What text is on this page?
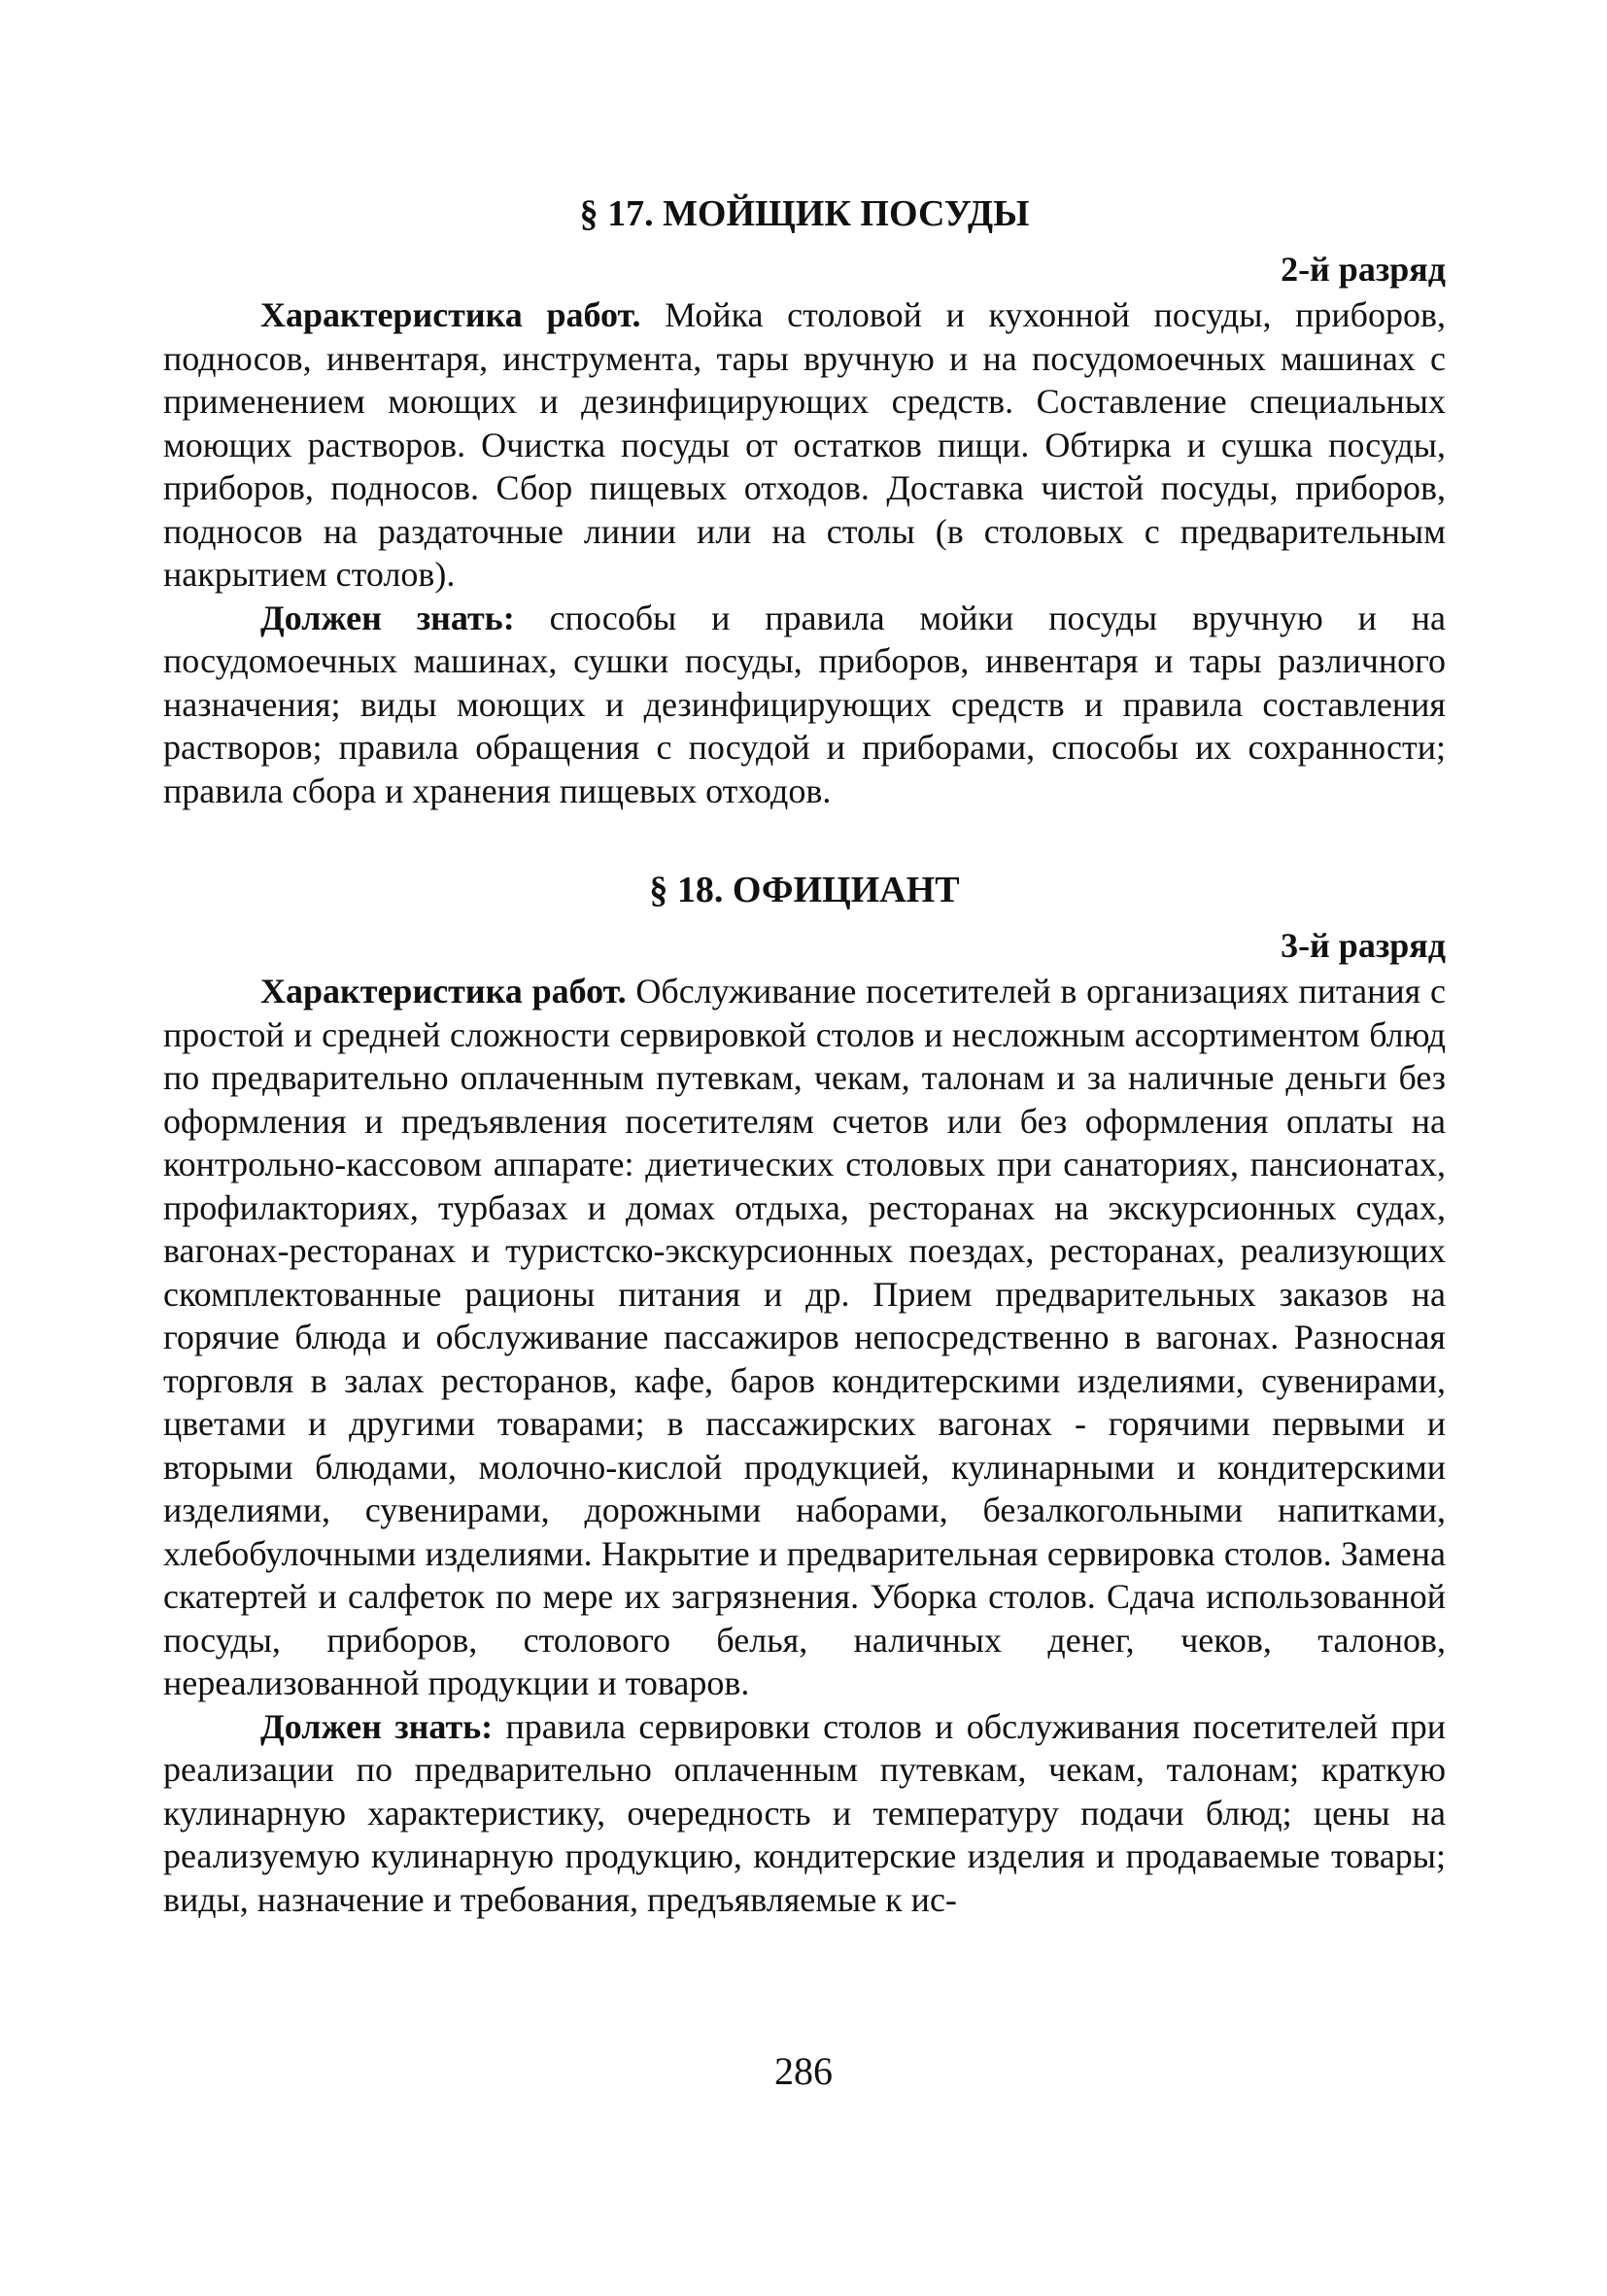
§ 17. МОЙЩИК ПОСУДЫ
2-й разряд

Характеристика работ. Мойка столовой и кухонной посуды, приборов, подносов, инвентаря, инструмента, тары вручную и на посудомоечных машинах с применением моющих и дезинфицирующих средств. Составление специальных моющих растворов. Очистка посуды от остатков пищи. Обтирка и сушка посуды, приборов, подносов. Сбор пищевых отходов. Доставка чистой посуды, приборов, подносов на раздаточные линии или на столы (в столовых с предварительным накрытием столов).

Должен знать: способы и правила мойки посуды вручную и на посудомоечных машинах, сушки посуды, приборов, инвентаря и тары различного назначения; виды моющих и дезинфицирующих средств и правила составления растворов; правила обращения с посудой и приборами, способы их сохранности; правила сбора и хранения пищевых отходов.

§ 18. ОФИЦИАНТ
3-й разряд

Характеристика работ. Обслуживание посетителей в организациях питания с простой и средней сложности сервировкой столов и несложным ассортиментом блюд по предварительно оплаченным путевкам, чекам, талонам и за наличные деньги без оформления и предъявления посетителям счетов или без оформления оплаты на контрольно-кассовом аппарате: диетических столовых при санаториях, пансионатах, профилакториях, турбазах и домах отдыха, ресторанах на экскурсионных судах, вагонах-ресторанах и туристско-экскурсионных поездах, ресторанах, реализующих скомплектованные рационы питания и др. Прием предварительных заказов на горячие блюда и обслуживание пассажиров непосредственно в вагонах. Разносная торговля в залах ресторанов, кафе, баров кондитерскими изделиями, сувенирами, цветами и другими товарами; в пассажирских вагонах - горячими первыми и вторыми блюдами, молочно-кислой продукцией, кулинарными и кондитерскими изделиями, сувенирами, дорожными наборами, безалкогольными напитками, хлебобулочными изделиями. Накрытие и предварительная сервировка столов. Замена скатертей и салфеток по мере их загрязнения. Уборка столов. Сдача использованной посуды, приборов, столового белья, наличных денег, чеков, талонов, нереализованной продукции и товаров.

Должен знать: правила сервировки столов и обслуживания посетителей при реализации по предварительно оплаченным путевкам, чекам, талонам; краткую кулинарную характеристику, очередность и температуру подачи блюд; цены на реализуемую кулинарную продукцию, кондитерские изделия и продаваемые товары; виды, назначение и требования, предъявляемые к ис-

286
